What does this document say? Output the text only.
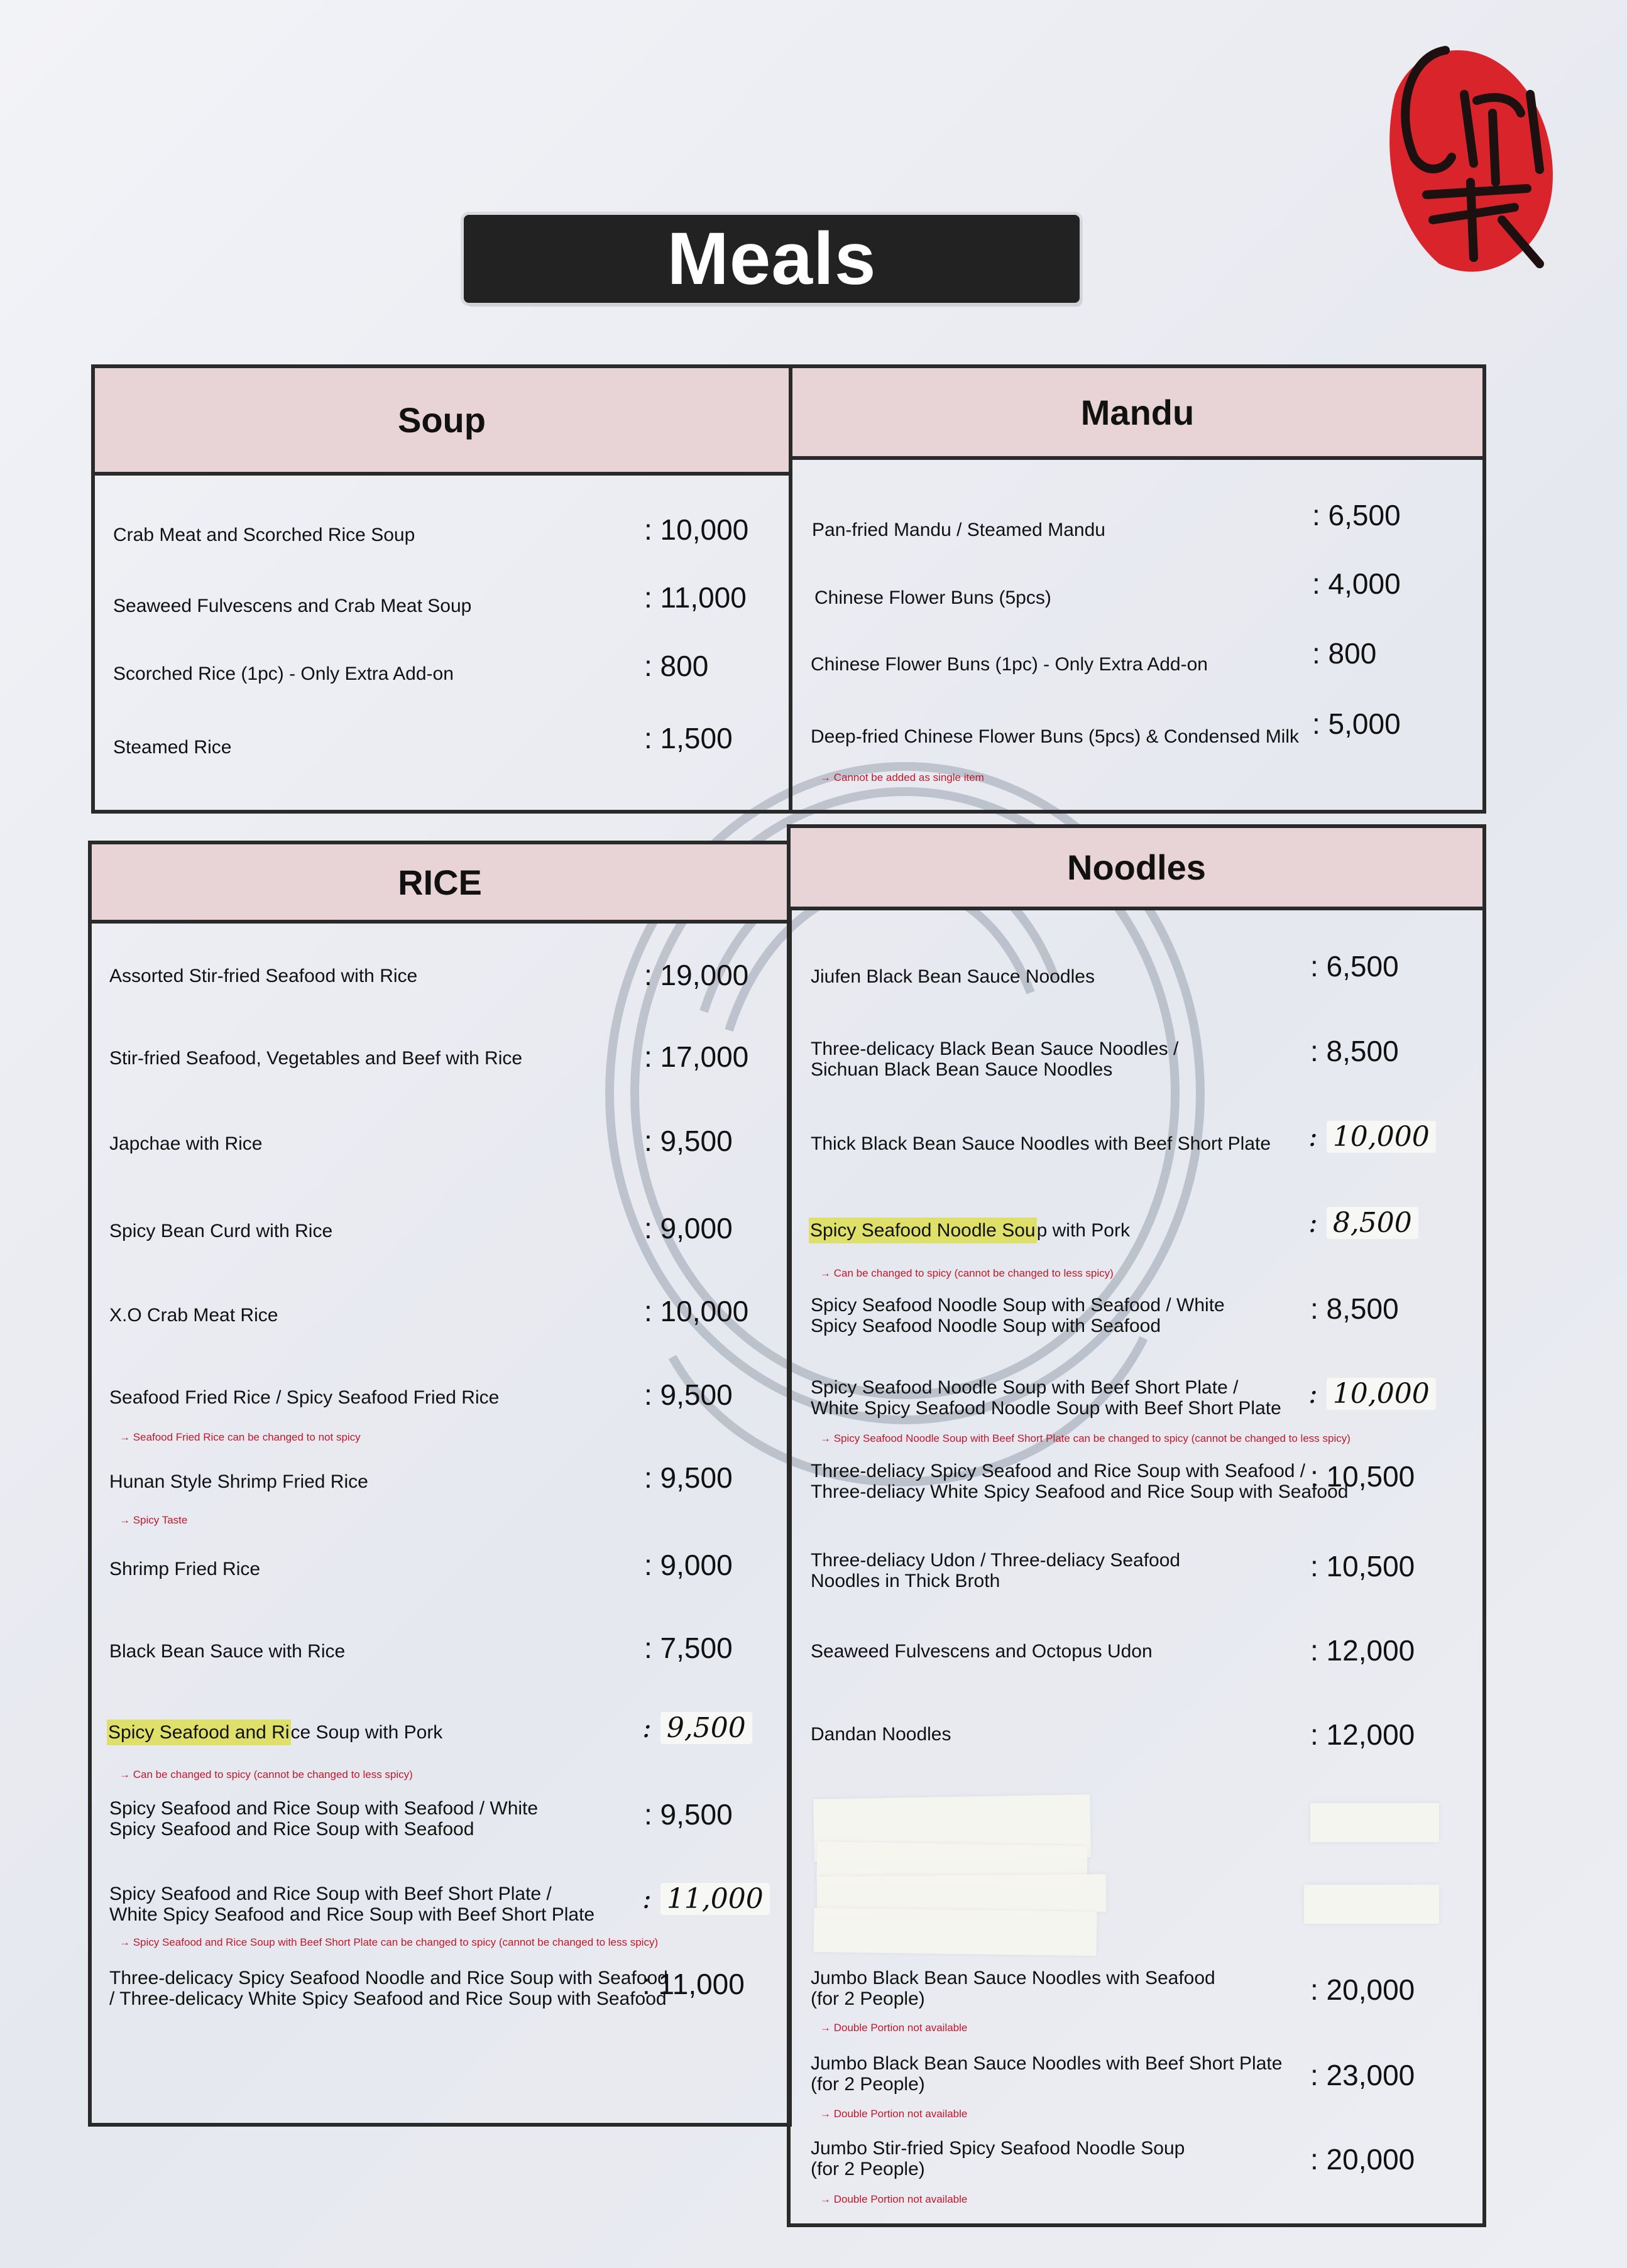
Jiufen
Meals
Soup	Mandu
Crab Meat and Scorched Rice Soup	: 10,000
Seaweed Fulvescens and Crab Meat Soup	: 11,000
Scorched Rice (1pc) - Only Extra Add-on	: 800
Steamed Rice	: 1,500
Pan-fried Mandu / Steamed Mandu	: 6,500
Chinese Flower Buns (5pcs)	: 4,000
Chinese Flower Buns (1pc) - Only Extra Add-on	: 800
Deep-fried Chinese Flower Buns (5pcs) & Condensed Milk : 5,000
→ Cannot be added as single item
RICE	Noodles
Assorted Stir-fried Seafood with Rice	: 19,000
Stir-fried Seafood, Vegetables and Beef with Rice	: 17,000
Japchae with Rice	: 9,500
Spicy Bean Curd with Rice	: 9,000
X.O Crab Meat Rice	: 10,000
Seafood Fried Rice / Spicy Seafood Fried Rice	: 9,500
→ Seafood Fried Rice can be changed to not spicy
Hunan Style Shrimp Fried Rice	: 9,500
→ Spicy Taste
Shrimp Fried Rice	: 9,000
Black Bean Sauce with Rice	: 7,500
Spicy Seafood and Rice Soup with Pork	: 9,500
→ Can be changed to spicy (cannot be changed to less spicy)
Spicy Seafood and Rice Soup with Seafood / White
Spicy Seafood and Rice Soup with Seafood	: 9,500
Spicy Seafood and Rice Soup with Beef Short Plate /
White Spicy Seafood and Rice Soup with Beef Short Plate : 11,000
→ Spicy Seafood and Rice Soup with Beef Short Plate can be changed to spicy (cannot be changed to less spicy)
Three-delicacy Spicy Seafood Noodle and Rice Soup with Seafood
/ Three-delicacy White Spicy Seafood and Rice Soup with Seafood
: 11,000
Jiufen Black Bean Sauce Noodles	: 6,500
Three-delicacy Black Bean Sauce Noodles /
Sichuan Black Bean Sauce Noodles
: 8,500
Thick Black Bean Sauce Noodles with Beef Short Plate : 10,000
Spicy Seafood Noodle Soup with Pork	: 8,500
→ Can be changed to spicy (cannot be changed to less spicy)
Spicy Seafood Noodle Soup with Seafood / White
Spicy Seafood Noodle Soup with Seafood
: 8,500
Spicy Seafood Noodle Soup with Beef Short Plate /
White Spicy Seafood Noodle Soup with Beef Short Plate : 10,000
→ Spicy Seafood Noodle Soup with Beef Short Plate can be changed to spicy (cannot be changed to less spicy)
Three-deliacy Spicy Seafood and Rice Soup with Seafood /
Three-deliacy White Spicy Seafood and Rice Soup with Seafood
: 10,500
Three-deliacy Udon / Three-deliacy Seafood
Noodles in Thick Broth	: 10,500
Seaweed Fulvescens and Octopus Udon	: 12,000
Dandan Noodles	: 12,000
Jumbo Black Bean Sauce Noodles with Seafood
(for 2 People)	: 20,000
→ Double Portion not available
Jumbo Black Bean Sauce Noodles with Beef Short Plate
(for 2 People)	: 23,000
→ Double Portion not available
Jumbo Stir-fried Spicy Seafood Noodle Soup
(for 2 People)	: 20,000
→ Double Portion not available
